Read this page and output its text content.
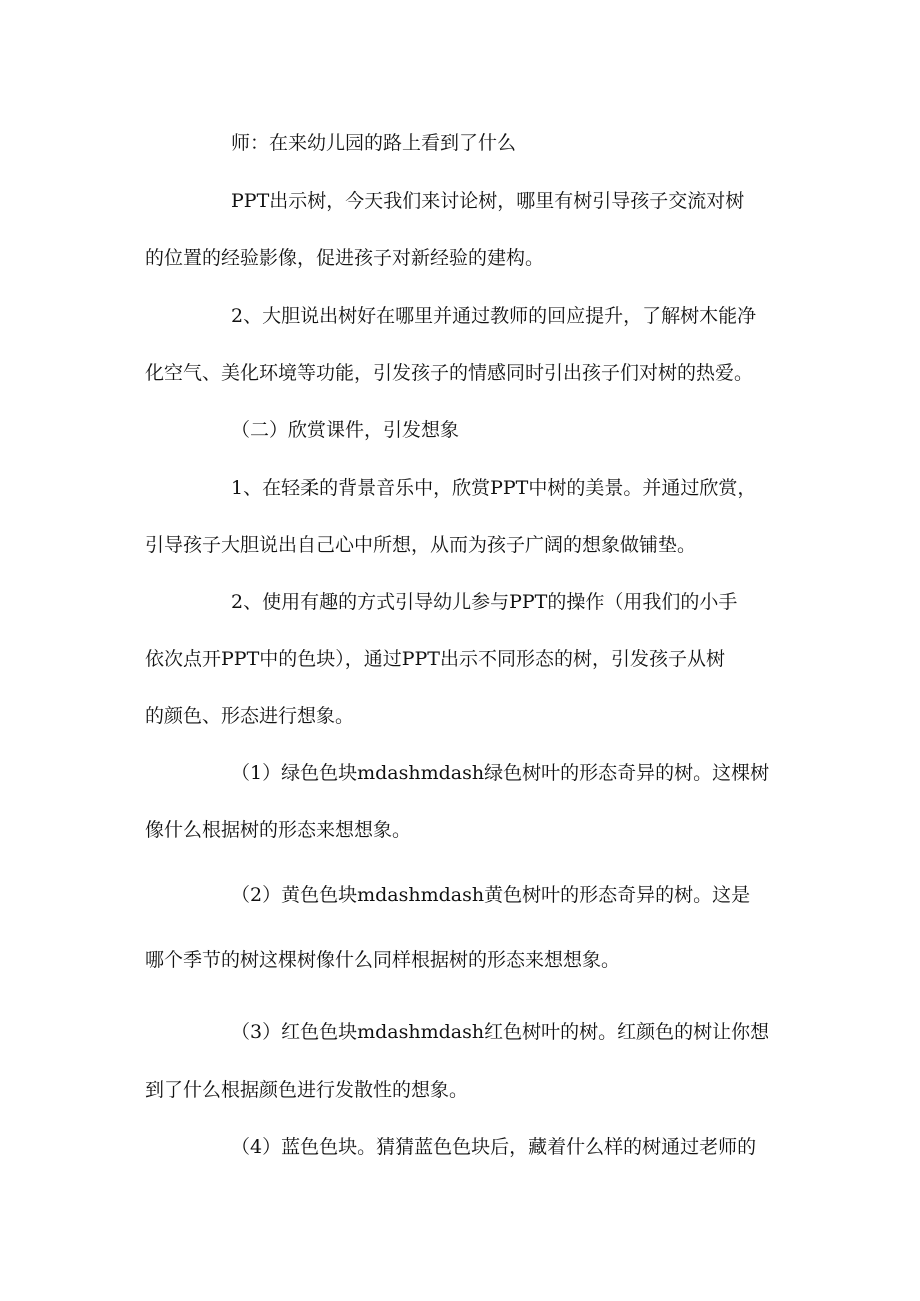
师：在来幼儿园的路上看到了什么
PPT出示树，今天我们来讨论树，哪里有树引导孩子交流对树
的位置的经验影像，促进孩子对新经验的建构。
2、大胆说出树好在哪里并通过教师的回应提升，了解树木能净
化空气、美化环境等功能，引发孩子的情感同时引出孩子们对树的热爱。
（二）欣赏课件，引发想象
1、在轻柔的背景音乐中，欣赏PPT中树的美景。并通过欣赏，
引导孩子大胆说出自己心中所想，从而为孩子广阔的想象做铺垫。
2、使用有趣的方式引导幼儿参与PPT的操作（用我们的小手
依次点开PPT中的色块），通过PPT出示不同形态的树，引发孩子从树
的颜色、形态进行想象。
（1）绿色色块mdashmdash绿色树叶的形态奇异的树。这棵树
像什么根据树的形态来想想象。
（2）黄色色块mdashmdash黄色树叶的形态奇异的树。这是
哪个季节的树这棵树像什么同样根据树的形态来想想象。
（3）红色色块mdashmdash红色树叶的树。红颜色的树让你想
到了什么根据颜色进行发散性的想象。
（4）蓝色色块。猜猜蓝色色块后，藏着什么样的树通过老师的
